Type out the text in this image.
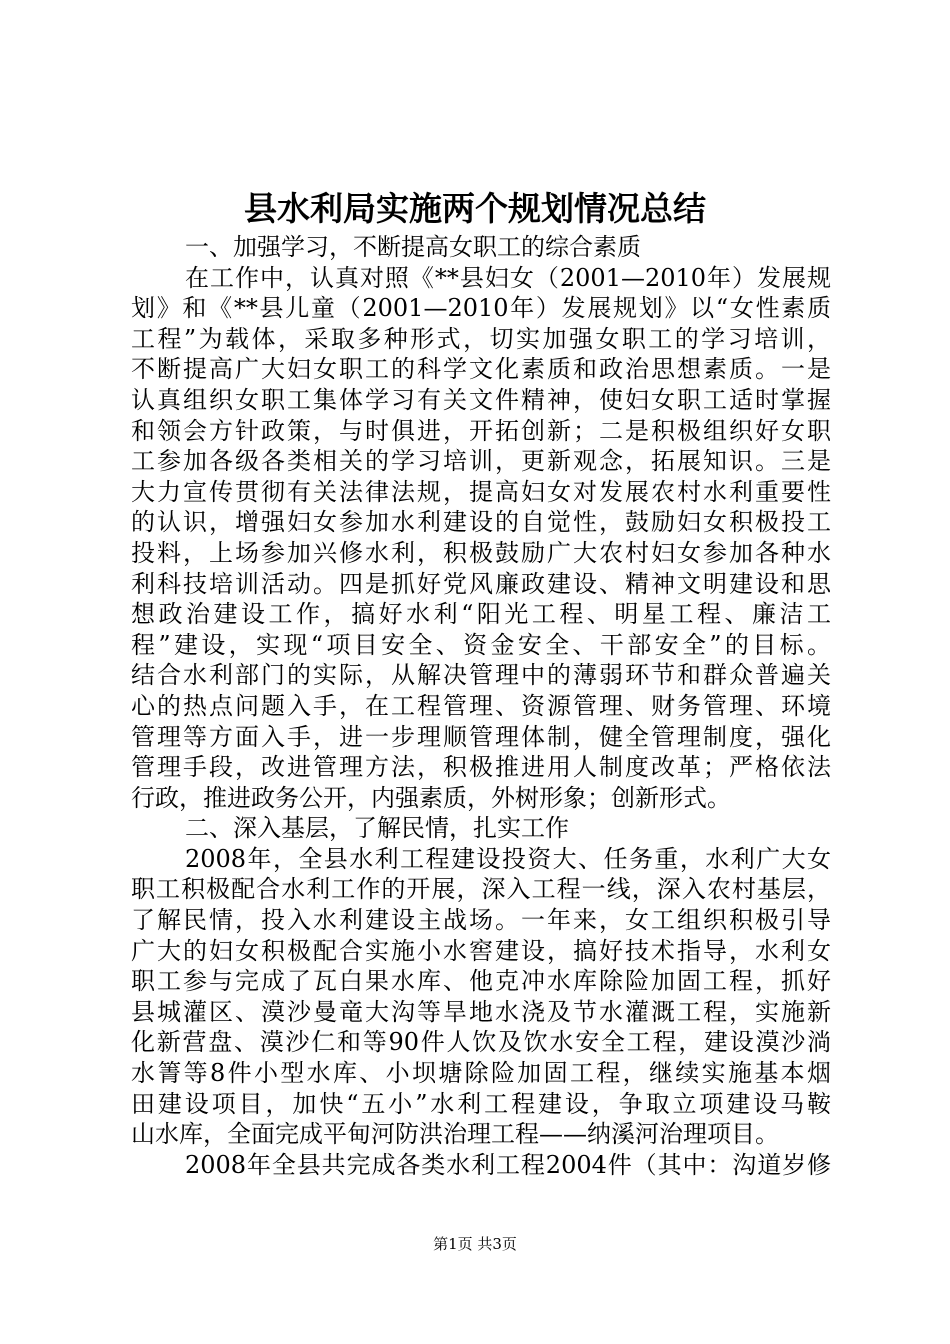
县水利局实施两个规划情况总结

一、加强学习，不断提高女职工的综合素质

在工作中，认真对照《**县妇女（2001—2010年）发展规

划》和《**县儿童（2001—2010年）发展规划》以“女性素质

工程”为载体，采取多种形式，切实加强女职工的学习培训，

不断提高广大妇女职工的科学文化素质和政治思想素质。一是

认真组织女职工集体学习有关文件精神，使妇女职工适时掌握

和领会方针政策，与时俱进，开拓创新；二是积极组织好女职

工参加各级各类相关的学习培训，更新观念，拓展知识。三是

大力宣传贯彻有关法律法规，提高妇女对发展农村水利重要性

的认识，增强妇女参加水利建设的自觉性，鼓励妇女积极投工

投料，上场参加兴修水利，积极鼓励广大农村妇女参加各种水

利科技培训活动。四是抓好党风廉政建设、精神文明建设和思

想政治建设工作，搞好水利“阳光工程、明星工程、廉洁工

程”建设，实现“项目安全、资金安全、干部安全”的目标。

结合水利部门的实际，从解决管理中的薄弱环节和群众普遍关

心的热点问题入手，在工程管理、资源管理、财务管理、环境

管理等方面入手，进一步理顺管理体制，健全管理制度，强化

管理手段，改进管理方法，积极推进用人制度改革；严格依法

行政，推进政务公开，内强素质，外树形象；创新形式。

二、深入基层，了解民情，扎实工作

2008年，全县水利工程建设投资大、任务重，水利广大女

职工积极配合水利工作的开展，深入工程一线，深入农村基层，

了解民情，投入水利建设主战场。一年来，女工组织积极引导

广大的妇女积极配合实施小水窖建设，搞好技术指导，水利女

职工参与完成了瓦白果水库、他克冲水库除险加固工程，抓好

县城灌区、漠沙曼竜大沟等旱地水浇及节水灌溉工程，实施新

化新营盘、漠沙仁和等90件人饮及饮水安全工程，建设漠沙淌

水箐等8件小型水库、小坝塘除险加固工程，继续实施基本烟

田建设项目，加快“五小”水利工程建设，争取立项建设马鞍

山水库，全面完成平甸河防洪治理工程——纳溪河治理项目。

2008年全县共完成各类水利工程2004件（其中：沟道岁修

第1页 共3页
